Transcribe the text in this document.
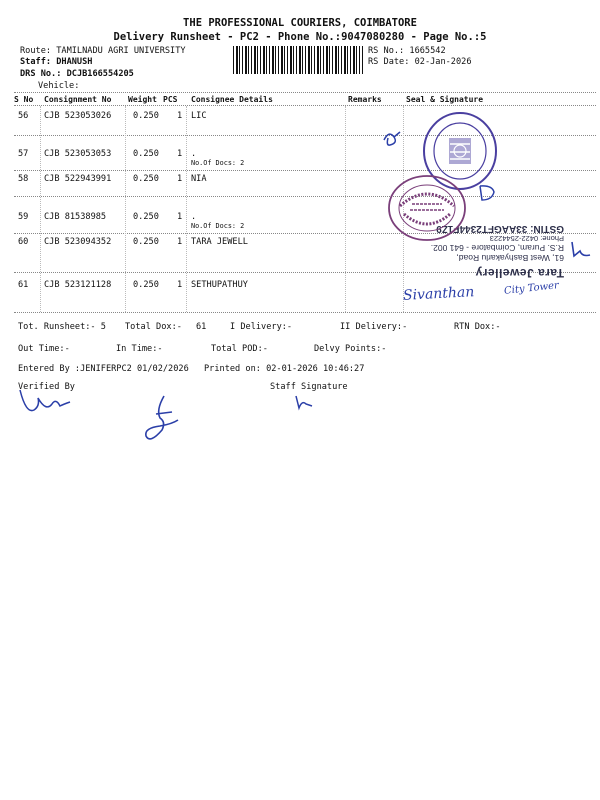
THE PROFESSIONAL COURIERS, COIMBATORE
Delivery Runsheet - PC2 - Phone No.:9047080280 - Page No.:5
Route: TAMILNADU AGRI UNIVERSITY
Staff: DHANUSH
DRS No.: DCJB166554205
Vehicle:
RS No.: 1665542
RS Date: 02-Jan-2026
S No Consignment No Weight PCS Consignee Details	Remarks	Seal & Signature
56 CJB 523053026	0.250 1 LIC
57 CJB 523053053	0.250 1 .
No.Of Docs: 2
58 CJB 522943991	0.250 1 NIA
59 CJB 81538985	0.250 1 .
No.Of Docs: 2
60 CJB 523094352	0.250 1 TARA JEWELL
61 CJB 523121128	0.250 1 SETHUPATHUY
Tot. Runsheet:- 5 Total Dox:- 61	I Delivery:-	II Delivery:-	RTN Dox:-
Out Time:-	In Time:-	Total POD:-	Delvy Points:-
Entered By :JENIFERPC2 01/02/2026 Printed on: 02-01-2026 10:46:27
Verified By	Staff Signature
Sivanthan	City Tower
Tara Jewellery
61, West Bashyakarlu Road,
R.S. Puram, Coimbatore - 641 002.
Phone: 0422-2544223
GSTIN: 33AAGFT2344F1Z9
